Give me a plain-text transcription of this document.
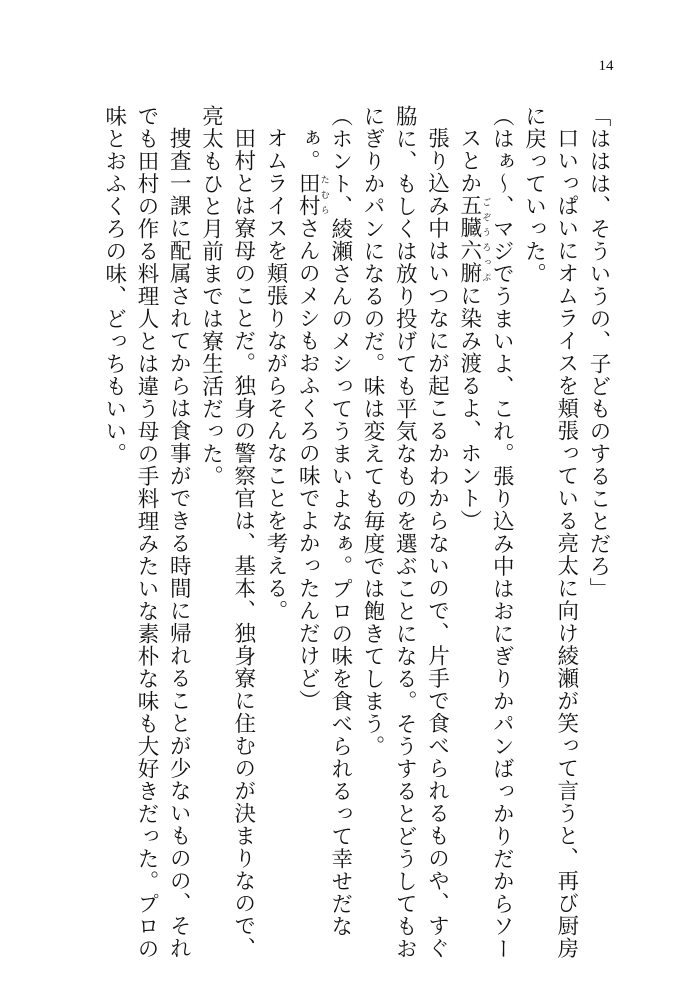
14

「ははは、そういうの、子どものすることだろ」

口いっぱいにオムライスを頬張っている亮太に向け綾瀬が笑って言うと、再び厨房に戻っていった。

（はぁ～、マジでうまいよ、これ。張り込み中はおにぎりかパンばっかりだからソースとか五臓六腑ごぞうろっぷに染み渡るよ、ホント）

張り込み中はいつなにが起こるかわからないので、片手で食べられるものや、すぐ脇に、もしくは放り投げても平気なものを選ぶことになる。そうするとどうしてもおにぎりかパンになるのだ。味は変えても毎度では飽きてしまう。

（ホント、綾瀬さんのメシってうまいよなぁ。プロの味を食べられるって幸せだなぁ。田村たむらさんのメシもおふくろの味でよかったんだけど）

オムライスを頬張りながらそんなことを考える。

田村とは寮母のことだ。独身の警察官は、基本、独身寮に住むのが決まりなので、亮太もひと月前までは寮生活だった。

捜査一課に配属されてからは食事ができる時間に帰れることが少ないものの、それでも田村の作る料理人とは違う母の手料理みたいな素朴な味も大好きだった。プロの味とおふくろの味、どっちもいい。
